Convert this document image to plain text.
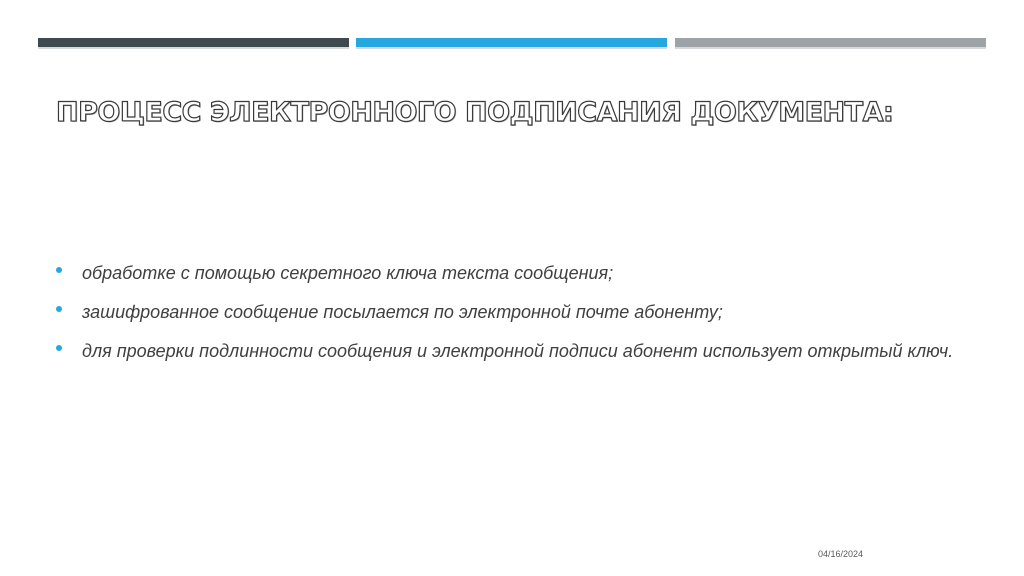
ПРОЦЕСС ЭЛЕКТРОННОГО ПОДПИСАНИЯ ДОКУМЕНТА:
обработке с помощью секретного ключа текста сообщения;
зашифрованное сообщение посылается по электронной почте абоненту;
для проверки подлинности сообщения и электронной подписи абонент использует открытый ключ.
04/16/2024
